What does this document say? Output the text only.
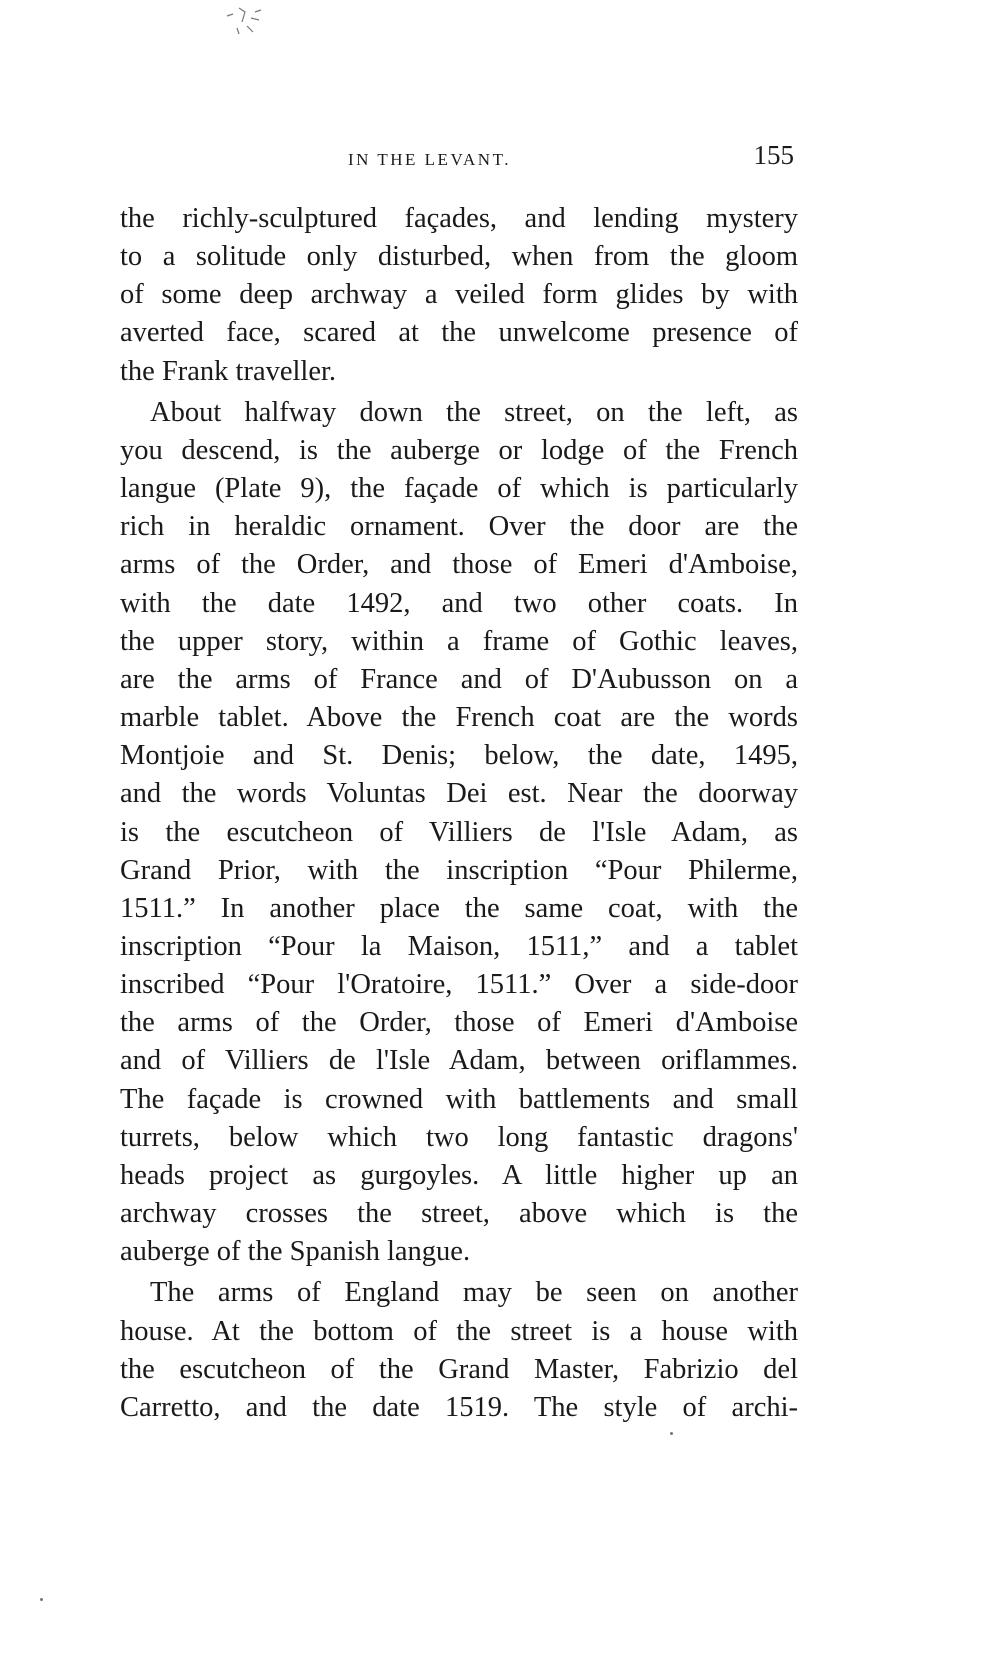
IN THE LEVANT.	155
the richly-sculptured façades, and lending mystery
to a solitude only disturbed, when from the gloom
of some deep archway a veiled form glides by with
averted face, scared at the unwelcome presence of
the Frank traveller.
About halfway down the street, on the left, as
you descend, is the auberge or lodge of the French
langue (Plate 9), the façade of which is particularly
rich in heraldic ornament. Over the door are the
arms of the Order, and those of Emeri d'Amboise,
with the date 1492, and two other coats. In
the upper story, within a frame of Gothic leaves,
are the arms of France and of D'Aubusson on a
marble tablet. Above the French coat are the words
Montjoie and St. Denis; below, the date, 1495,
and the words Voluntas Dei est. Near the doorway
is the escutcheon of Villiers de l'Isle Adam, as
Grand Prior, with the inscription “Pour Philerme,
1511.” In another place the same coat, with the
inscription “Pour la Maison, 1511,” and a tablet
inscribed “Pour l'Oratoire, 1511.” Over a side-door
the arms of the Order, those of Emeri d'Amboise
and of Villiers de l'Isle Adam, between oriflammes.
The façade is crowned with battlements and small
turrets, below which two long fantastic dragons'
heads project as gurgoyles. A little higher up an
archway crosses the street, above which is the
auberge of the Spanish langue.
The arms of England may be seen on another
house. At the bottom of the street is a house with
the escutcheon of the Grand Master, Fabrizio del
Carretto, and the date 1519. The style of archi-
